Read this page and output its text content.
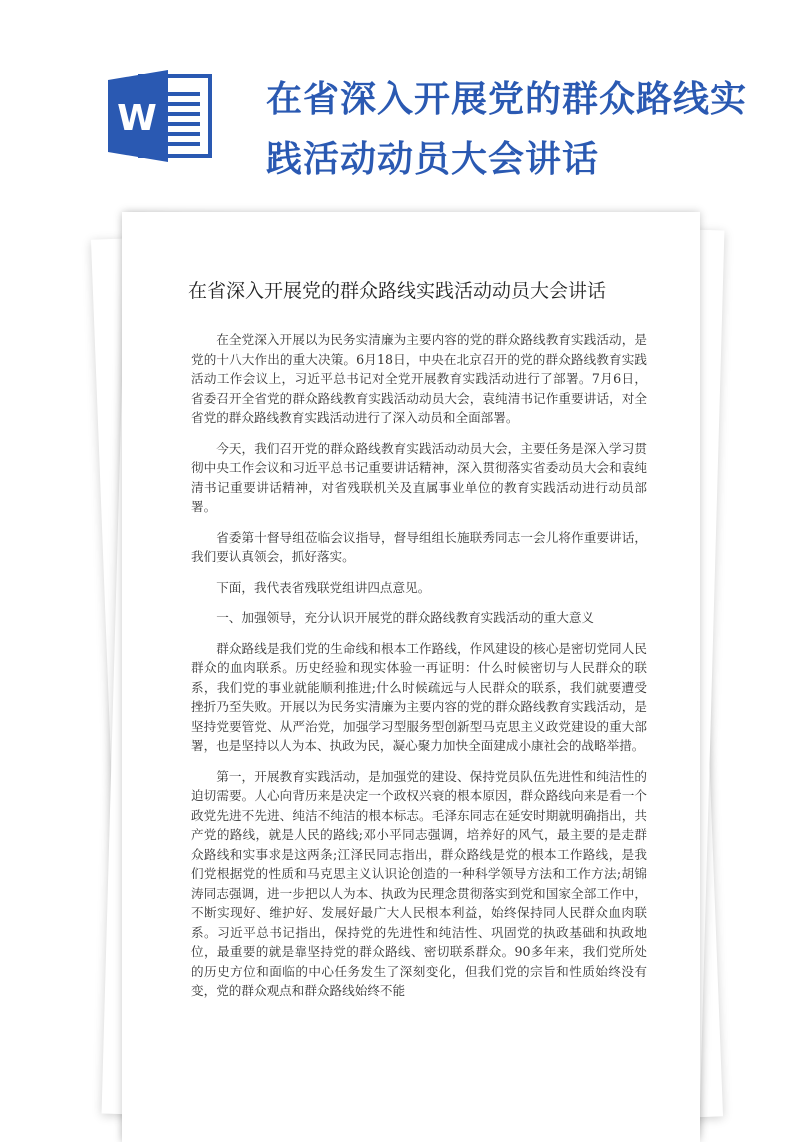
W	在省深入开展党的群众路线实
践活动动员大会讲话
在省深入开展党的群众路线实践活动动员大会讲话

在全党深入开展以为民务实清廉为主要内容的党的群众路线教育实践活动，是党的十八大作出的重大决策。6月18日，中央在北京召开的党的群众路线教育实践活动工作会议上，习近平总书记对全党开展教育实践活动进行了部署。7月6日，省委召开全省党的群众路线教育实践活动动员大会，袁纯清书记作重要讲话，对全省党的群众路线教育实践活动进行了深入动员和全面部署。

今天，我们召开党的群众路线教育实践活动动员大会，主要任务是深入学习贯彻中央工作会议和习近平总书记重要讲话精神，深入贯彻落实省委动员大会和袁纯清书记重要讲话精神，对省残联机关及直属事业单位的教育实践活动进行动员部署。

省委第十督导组莅临会议指导，督导组组长施联秀同志一会儿将作重要讲话，我们要认真领会，抓好落实。

下面，我代表省残联党组讲四点意见。

一、加强领导，充分认识开展党的群众路线教育实践活动的重大意义

群众路线是我们党的生命线和根本工作路线，作风建设的核心是密切党同人民群众的血肉联系。历史经验和现实体验一再证明：什么时候密切与人民群众的联系，我们党的事业就能顺利推进;什么时候疏远与人民群众的联系，我们就要遭受挫折乃至失败。开展以为民务实清廉为主要内容的党的群众路线教育实践活动，是坚持党要管党、从严治党，加强学习型服务型创新型马克思主义政党建设的重大部署，也是坚持以人为本、执政为民，凝心聚力加快全面建成小康社会的战略举措。

第一，开展教育实践活动，是加强党的建设、保持党员队伍先进性和纯洁性的迫切需要。人心向背历来是决定一个政权兴衰的根本原因，群众路线向来是看一个政党先进不先进、纯洁不纯洁的根本标志。毛泽东同志在延安时期就明确指出，共产党的路线，就是人民的路线;邓小平同志强调，培养好的风气，最主要的是走群众路线和实事求是这两条;江泽民同志指出，群众路线是党的根本工作路线，是我们党根据党的性质和马克思主义认识论创造的一种科学领导方法和工作方法;胡锦涛同志强调，进一步把以人为本、执政为民理念贯彻落实到党和国家全部工作中，不断实现好、维护好、发展好最广大人民根本利益，始终保持同人民群众血肉联系。习近平总书记指出，保持党的先进性和纯洁性、巩固党的执政基础和执政地位，最重要的就是靠坚持党的群众路线、密切联系群众。90多年来，我们党所处的历史方位和面临的中心任务发生了深刻变化，但我们党的宗旨和性质始终没有变，党的群众观点和群众路线始终不能
